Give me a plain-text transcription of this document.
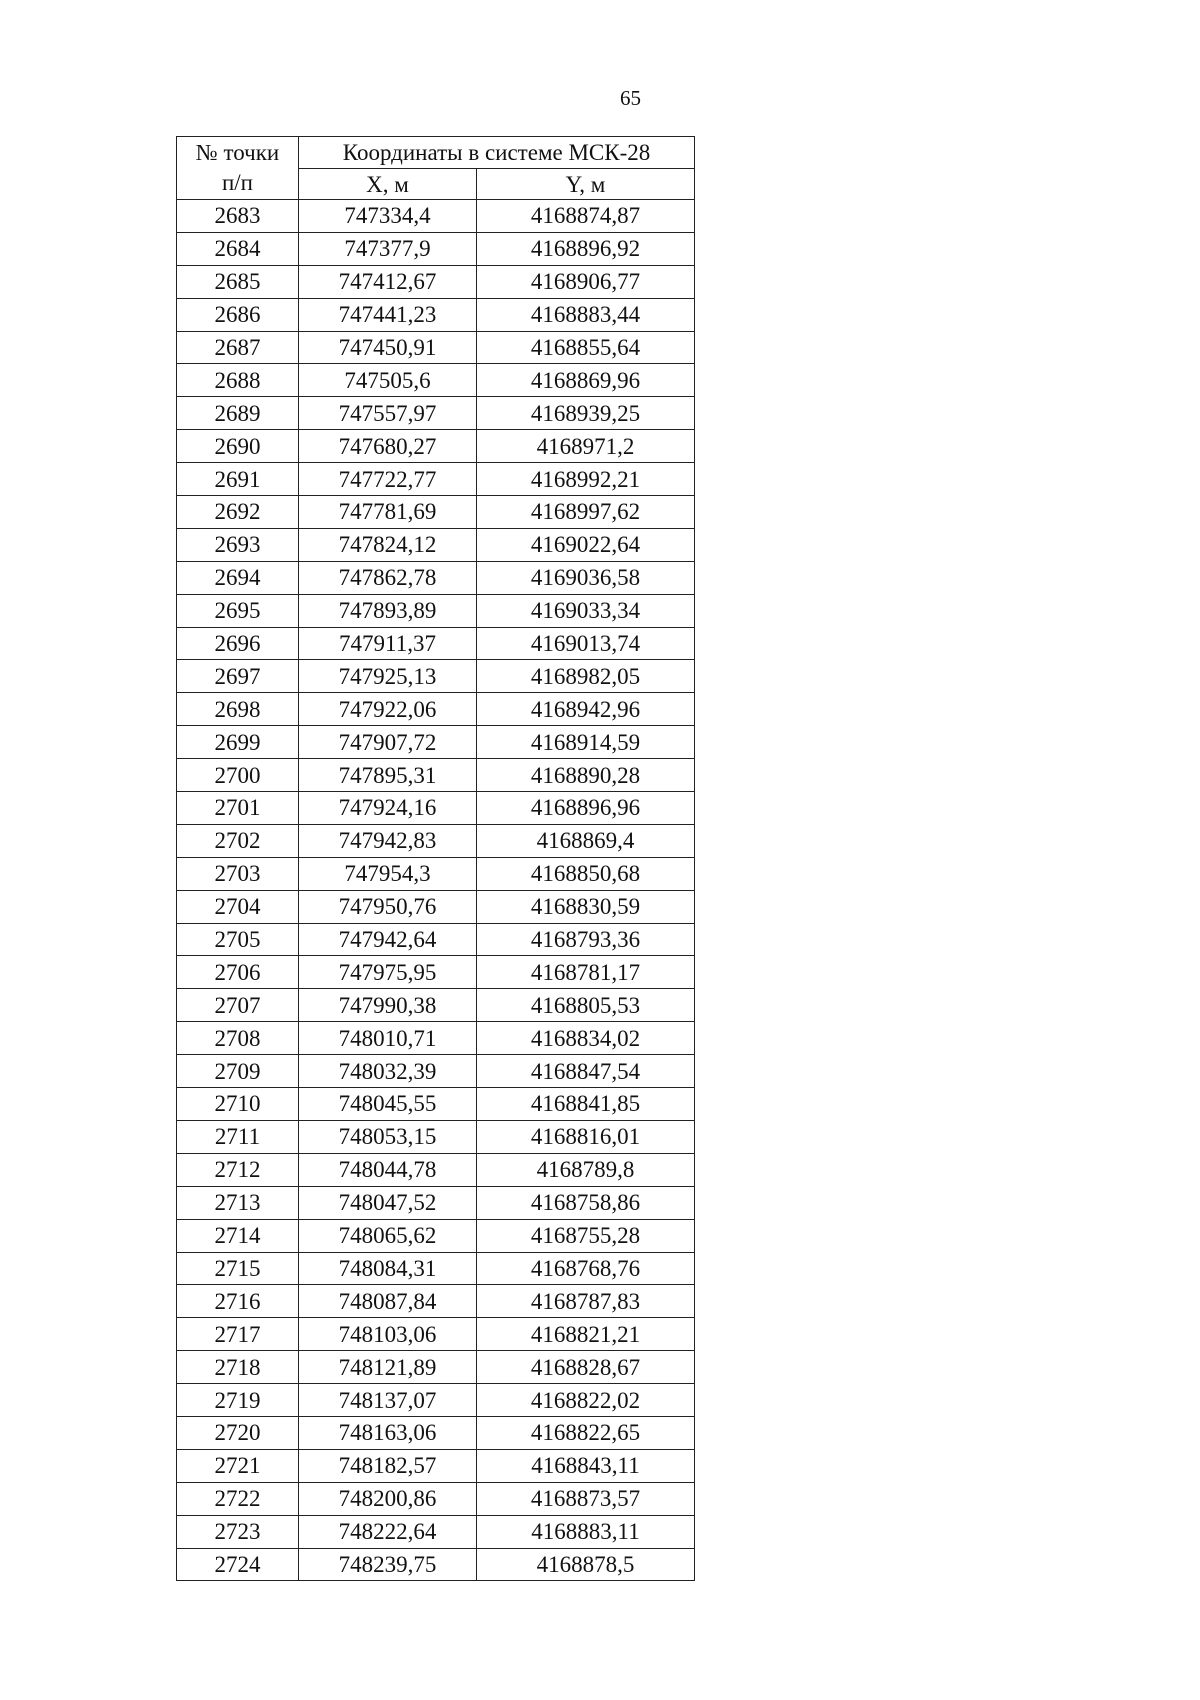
65
№ точки
п/п	Координаты в системе МСК-28	
	X, м	Y, м
2683	747334,4	4168874,87
2684	747377,9	4168896,92
2685	747412,67	4168906,77
2686	747441,23	4168883,44
2687	747450,91	4168855,64
2688	747505,6	4168869,96
2689	747557,97	4168939,25
2690	747680,27	4168971,2
2691	747722,77	4168992,21
2692	747781,69	4168997,62
2693	747824,12	4169022,64
2694	747862,78	4169036,58
2695	747893,89	4169033,34
2696	747911,37	4169013,74
2697	747925,13	4168982,05
2698	747922,06	4168942,96
2699	747907,72	4168914,59
2700	747895,31	4168890,28
2701	747924,16	4168896,96
2702	747942,83	4168869,4
2703	747954,3	4168850,68
2704	747950,76	4168830,59
2705	747942,64	4168793,36
2706	747975,95	4168781,17
2707	747990,38	4168805,53
2708	748010,71	4168834,02
2709	748032,39	4168847,54
2710	748045,55	4168841,85
2711	748053,15	4168816,01
2712	748044,78	4168789,8
2713	748047,52	4168758,86
2714	748065,62	4168755,28
2715	748084,31	4168768,76
2716	748087,84	4168787,83
2717	748103,06	4168821,21
2718	748121,89	4168828,67
2719	748137,07	4168822,02
2720	748163,06	4168822,65
2721	748182,57	4168843,11
2722	748200,86	4168873,57
2723	748222,64	4168883,11
2724	748239,75	4168878,5
